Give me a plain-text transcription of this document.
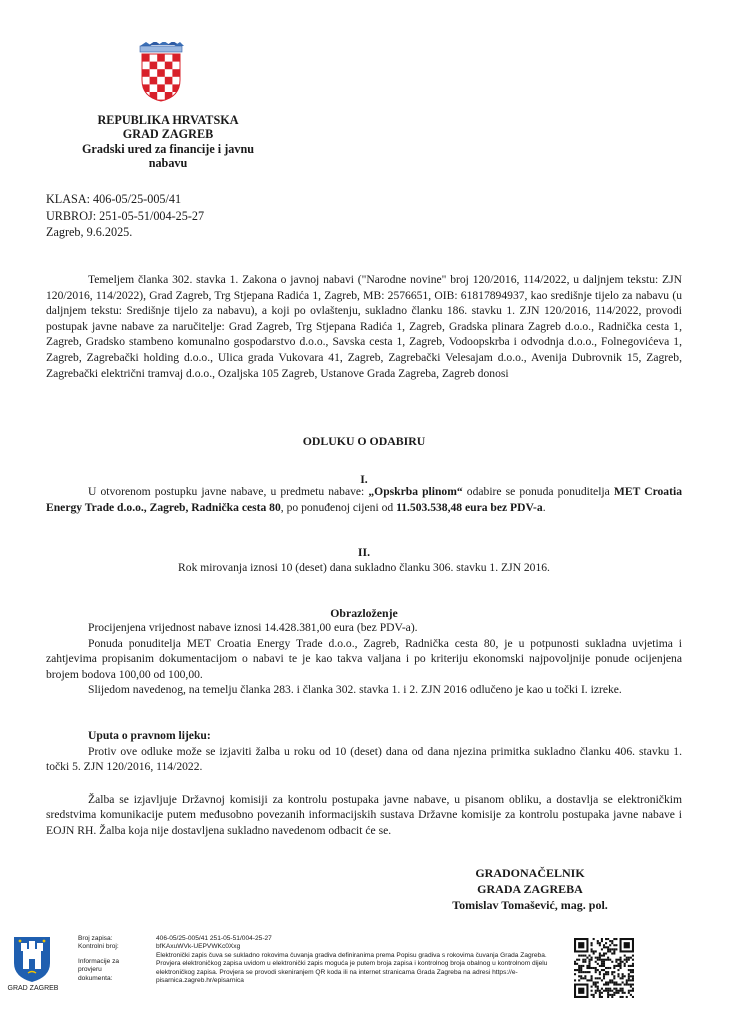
REPUBLIKA HRVATSKA
GRAD ZAGREB
Gradski ured za financije i javnu
nabavu
KLASA: 406-05/25-005/41
URBROJ: 251-05-51/004-25-27
Zagreb, 9.6.2025.

Temeljem članka 302. stavka 1. Zakona o javnoj nabavi ("Narodne novine" broj 120/2016, 114/2022, u daljnjem tekstu: ZJN 120/2016, 114/2022), Grad Zagreb, Trg Stjepana Radića 1, Zagreb, MB: 2576651, OIB: 61817894937, kao središnje tijelo za nabavu (u daljnjem tekstu: Središnje tijelo za nabavu), a koji po ovlaštenju, sukladno članku 186. stavku 1. ZJN 120/2016, 114/2022, provodi postupak javne nabave za naručitelje: Grad Zagreb, Trg Stjepana Radića 1, Zagreb, Gradska plinara Zagreb d.o.o., Radnička cesta 1, Zagreb, Gradsko stambeno komunalno gospodarstvo d.o.o., Savska cesta 1, Zagreb, Vodoopskrba i odvodnja d.o.o., Folnegovićeva 1, Zagreb, Zagrebački holding d.o.o., Ulica grada Vukovara 41, Zagreb, Zagrebački Velesajam d.o.o., Avenija Dubrovnik 15, Zagreb, Zagrebački električni tramvaj d.o.o., Ozaljska 105 Zagreb, Ustanove Grada Zagreba, Zagreb donosi

ODLUKU O ODABIRU
I.

U otvorenom postupku javne nabave, u predmetu nabave: „Opskrba plinom“ odabire se ponuda ponuditelja MET Croatia Energy Trade d.o.o., Zagreb, Radnička cesta 80, po ponuđenoj cijeni od 11.503.538,48 eura bez PDV-a.

II.

Rok mirovanja iznosi 10 (deset) dana sukladno članku 306. stavku 1. ZJN 2016.

Obrazloženje

Procijenjena vrijednost nabave iznosi 14.428.381,00 eura (bez PDV-a).

Ponuda ponuditelja MET Croatia Energy Trade d.o.o., Zagreb, Radnička cesta 80, je u potpunosti sukladna uvjetima i zahtjevima propisanim dokumentacijom o nabavi te je kao takva valjana i po kriteriju ekonomski najpovoljnije ponude ocijenjena brojem bodova 100,00 od 100,00.

Slijedom navedenog, na temelju članka 283. i članka 302. stavka 1. i 2. ZJN 2016 odlučeno je kao u točki I. izreke.

Uputa o pravnom lijeku:

Protiv ove odluke može se izjaviti žalba u roku od 10 (deset) dana od dana njezina primitka sukladno članku 406. stavku 1. točki 5. ZJN 120/2016, 114/2022.

Žalba se izjavljuje Državnoj komisiji za kontrolu postupaka javne nabave, u pisanom obliku, a dostavlja se elektroničkim sredstvima komunikacije putem međusobno povezanih informacijskih sustava Državne komisije za kontrolu postupaka javne nabave i EOJN RH. Žalba koja nije dostavljena sukladno navedenom odbacit će se.

GRADONAČELNIK
GRADA ZAGREBA
Tomislav Tomašević, mag. pol.
GRAD ZAGREB

Broj zapisa:

Kontrolni broj:

Informacije za provjeru dokumenta:

406-05/25-005/41 251-05-51/004-25-27

bfKAxuWVk-UEPVWKc0Xxg

Elektronički zapis čuva se sukladno rokovima čuvanja gradiva definiranima prema Popisu gradiva s rokovima čuvanja Grada Zagreba. Provjera elektroničkog zapisa uvidom u elektronički zapis moguća je putem broja zapisa i kontrolnog broja obalnog u kontrolnom dijelu elektroničkog zapisa. Provjera se provodi skeniranjem QR koda ili na internet stranicama Grada Zagreba na adresi https://e-pisarnica.zagreb.hr/episarnica
